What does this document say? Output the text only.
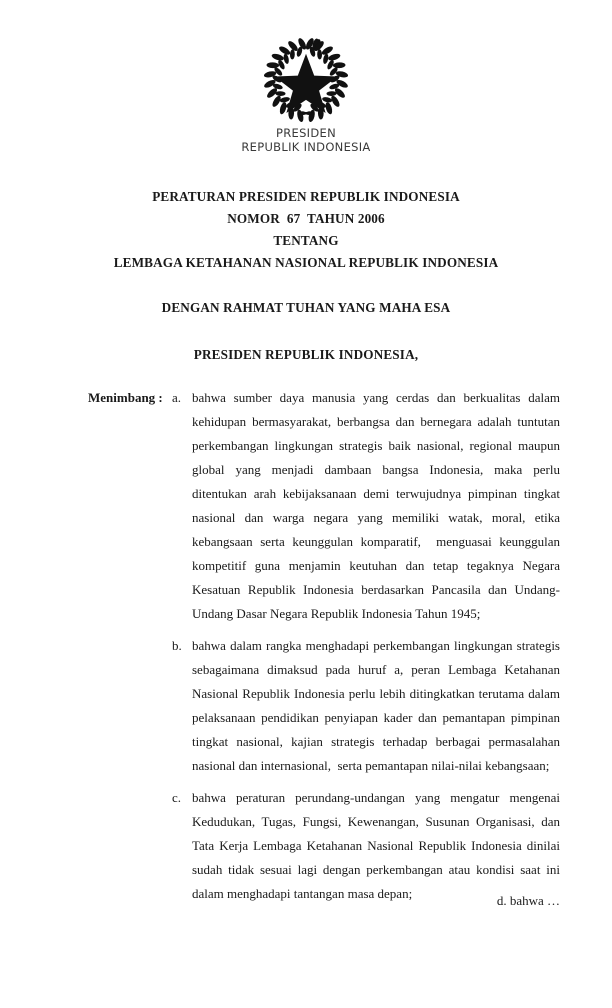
PRESIDEN
REPUBLIK INDONESIA
PERATURAN PRESIDEN REPUBLIK INDONESIA
NOMOR  67  TAHUN 2006
TENTANG
LEMBAGA KETAHANAN NASIONAL REPUBLIK INDONESIA
DENGAN RAHMAT TUHAN YANG MAHA ESA
PRESIDEN REPUBLIK INDONESIA,
Menimbang : a. bahwa sumber daya manusia yang cerdas dan berkualitas dalam kehidupan bermasyarakat, berbangsa dan bernegara adalah tuntutan perkembangan lingkungan strategis baik nasional, regional maupun global yang menjadi dambaan bangsa Indonesia, maka perlu ditentukan arah kebijaksanaan demi terwujudnya pimpinan tingkat nasional dan warga negara yang memiliki watak, moral, etika kebangsaan serta keunggulan komparatif,  menguasai keunggulan kompetitif guna menjamin keutuhan dan tetap tegaknya Negara Kesatuan Republik Indonesia berdasarkan Pancasila dan Undang-Undang Dasar Negara Republik Indonesia Tahun 1945;
b. bahwa dalam rangka menghadapi perkembangan lingkungan strategis sebagaimana dimaksud pada huruf a, peran Lembaga Ketahanan Nasional Republik Indonesia perlu lebih ditingkatkan terutama dalam pelaksanaan pendidikan penyiapan kader dan pemantapan pimpinan tingkat nasional, kajian strategis terhadap berbagai permasalahan nasional dan internasional,  serta pemantapan nilai-nilai kebangsaan;
c. bahwa peraturan perundang-undangan yang mengatur mengenai Kedudukan, Tugas, Fungsi, Kewenangan, Susunan Organisasi, dan Tata Kerja Lembaga Ketahanan Nasional Republik Indonesia dinilai sudah tidak sesuai lagi dengan perkembangan atau kondisi saat ini dalam menghadapi tantangan masa depan;	d. bahwa …
